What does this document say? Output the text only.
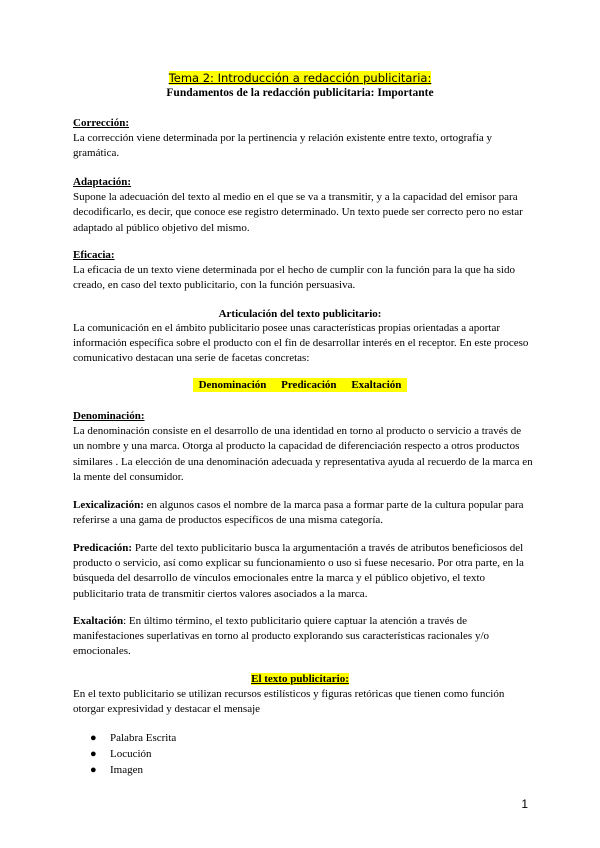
Tema 2: Introducción a redacción publicitaria:
Fundamentos de la redacción publicitaria: Importante
Corrección:
La corrección viene determinada por la pertinencia y relación existente entre texto, ortografía y gramática.
Adaptación:
Supone la adecuación del texto al medio en el que se va a transmitir, y a la capacidad del emisor para decodificarlo, es decir, que conoce ese registro determinado. Un texto puede ser correcto pero no estar adaptado al público objetivo del mismo.
Eficacia:
La eficacia de un texto viene determinada por el hecho de cumplir con la función para la que ha sido creado, en caso del texto publicitario, con la función persuasiva.
Articulación del texto publicitario:
La comunicación en el ámbito publicitario posee unas características propias orientadas a aportar información específica sobre el producto con el fin de desarrollar interés en el receptor. En este proceso comunicativo destacan una serie de facetas concretas:
Denominación Predicación Exaltación
Denominación:
La denominación consiste en el desarrollo de una identidad en torno al producto o servicio a través de un nombre y una marca. Otorga al producto la capacidad de diferenciación respecto a otros productos similares . La elección de una denominación adecuada y representativa ayuda al recuerdo de la marca en la mente del consumidor.
Lexicalización: en algunos casos el nombre de la marca pasa a formar parte de la cultura popular para referirse a una gama de productos específicos de una misma categoría.
Predicación: Parte del texto publicitario busca la argumentación a través de atributos beneficiosos del producto o servicio, así como explicar su funcionamiento o uso si fuese necesario. Por otra parte, en la búsqueda del desarrollo de vínculos emocionales entre la marca y el público objetivo, el texto publicitario trata de transmitir ciertos valores asociados a la marca.
Exaltación: En último término, el texto publicitario quiere captuar la atención a través de manifestaciones superlativas en torno al producto explorando sus características racionales y/o emocionales.
El texto publicitario:
En el texto publicitario se utilizan recursos estilísticos y figuras retóricas que tienen como función otorgar expresividad y destacar el mensaje
● Palabra Escrita
● Locución
● Imagen
1
